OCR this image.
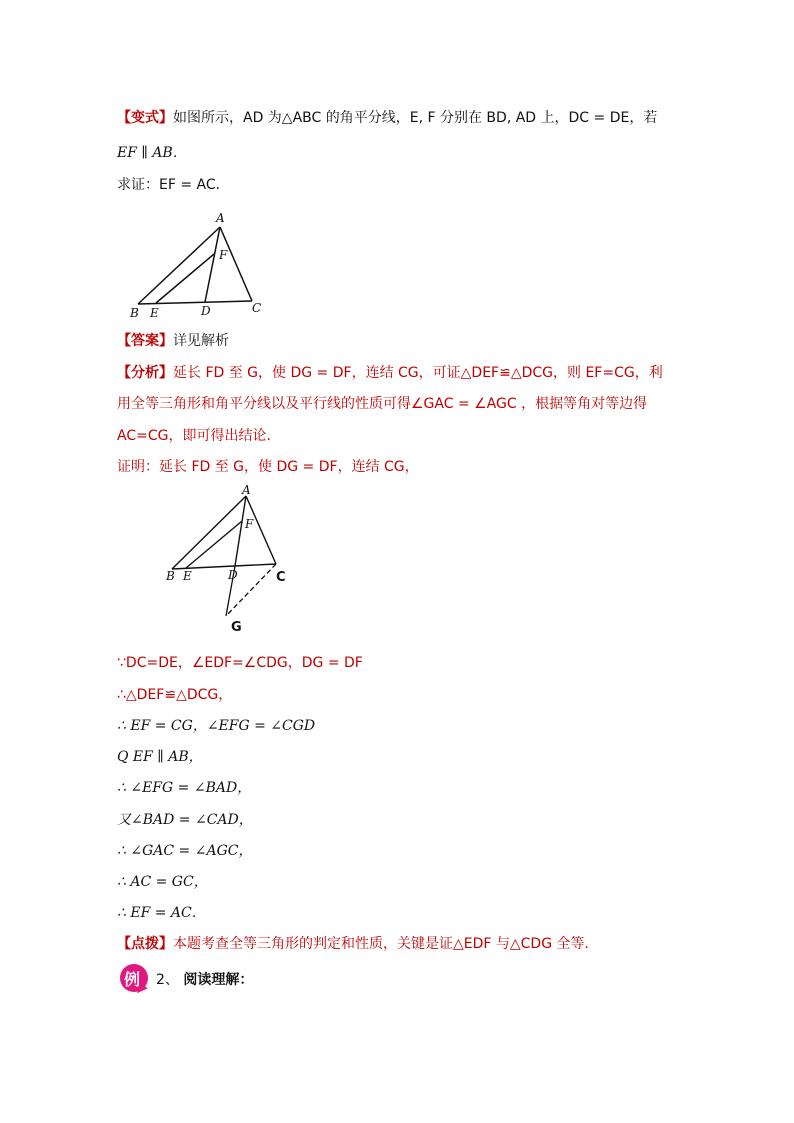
【变式】如图所示，AD 为△ABC 的角平分线，E, F 分别在 BD, AD 上，DC = DE，若
EF ∥ AB．
求证：EF = AC．
A
F
B E	D	C
【答案】详见解析
【分析】延长 FD 至 G，使 DG = DF，连结 CG，可证△DEF≌△DCG，则 EF=CG，利
用全等三角形和角平分线以及平行线的性质可得∠GAC = ∠AGC ，根据等角对等边得
AC=CG，即可得出结论.
证明：延长 FD 至 G，使 DG = DF，连结 CG，
A
F
B E	D	C
G
∵DC=DE，∠EDF=∠CDG，DG = DF
∴△DEF≌△DCG，
∴ EF = CG，∠EFG = ∠CGD
Q EF ∥ AB，
∴ ∠EFG = ∠BAD，
又∠BAD = ∠CAD，
∴ ∠GAC = ∠AGC，
∴ AC = GC，
∴ EF = AC．
【点拨】本题考查全等三角形的判定和性质，关键是证△EDF 与△CDG 全等．
例 2、 阅读理解：
